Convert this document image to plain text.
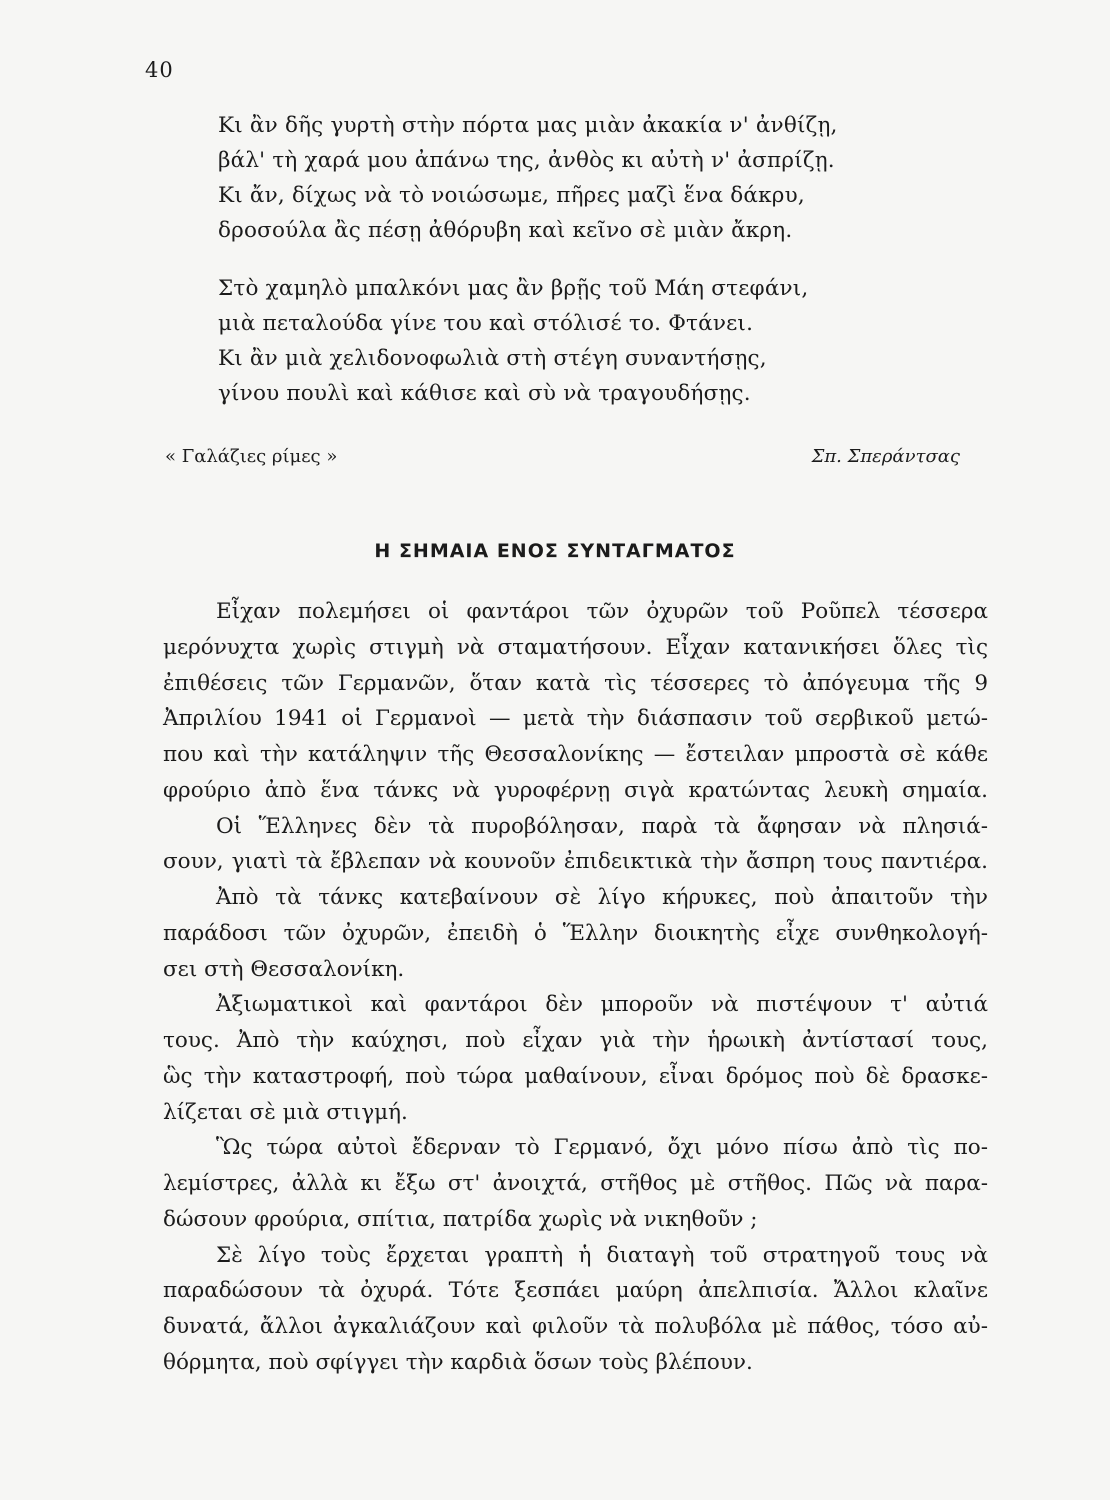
40
Κι ἂν δῆς γυρτὴ στὴν πόρτα μας μιὰν ἀκακία ν' ἀνθίζῃ,
βάλ' τὴ χαρά μου ἀπάνω της, ἀνθὸς κι αὐτὴ ν' ἀσπρίζῃ.
Κι ἄν, δίχως νὰ τὸ νοιώσωμε, πῆρες μαζὶ ἕνα δάκρυ,
δροσούλα ἂς πέσῃ ἀθόρυβη καὶ κεῖνο σὲ μιὰν ἄκρη.
Στὸ χαμηλὸ μπαλκόνι μας ἂν βρῇς τοῦ Μάη στεφάνι,
μιὰ πεταλούδα γίνε του καὶ στόλισέ το. Φτάνει.
Κι ἂν μιὰ χελιδονοφωλιὰ στὴ στέγη συναντήσῃς,
γίνου πουλὶ καὶ κάθισε καὶ σὺ νὰ τραγουδήσῃς.
« Γαλάζιες ρίμες »	Σπ. Σπεράντσας
Η ΣΗΜΑΙΑ ΕΝΟΣ ΣΥΝΤΑΓΜΑΤΟΣ
Εἶχαν πολεμήσει οἱ φαντάροι τῶν ὀχυρῶν τοῦ Ροῦπελ τέσσερα
μερόνυχτα χωρὶς στιγμὴ νὰ σταματήσουν. Εἶχαν κατανικήσει ὅλες τὶς
ἐπιθέσεις τῶν Γερμανῶν, ὅταν κατὰ τὶς τέσσερες τὸ ἀπόγευμα τῆς 9
Ἀπριλίου 1941 οἱ Γερμανοὶ — μετὰ τὴν διάσπασιν τοῦ σερβικοῦ μετώ-
που καὶ τὴν κατάληψιν τῆς Θεσσαλονίκης — ἔστειλαν μπροστὰ σὲ κάθε
φρούριο ἀπὸ ἕνα τάνκς νὰ γυροφέρνῃ σιγὰ κρατώντας λευκὴ σημαία.
Οἱ Ἕλληνες δὲν τὰ πυροβόλησαν, παρὰ τὰ ἄφησαν νὰ πλησιά-
σουν, γιατὶ τὰ ἔβλεπαν νὰ κουνοῦν ἐπιδεικτικὰ τὴν ἄσπρη τους παντιέρα.
Ἀπὸ τὰ τάνκς κατεβαίνουν σὲ λίγο κήρυκες, ποὺ ἀπαιτοῦν τὴν
παράδοσι τῶν ὀχυρῶν, ἐπειδὴ ὁ Ἕλλην διοικητὴς εἶχε συνθηκολογή-
σει στὴ Θεσσαλονίκη.
Ἀξιωματικοὶ καὶ φαντάροι δὲν μποροῦν νὰ πιστέψουν τ' αὐτιά
τους. Ἀπὸ τὴν καύχησι, ποὺ εἶχαν γιὰ τὴν ἡρωικὴ ἀντίστασί τους,
ὣς τὴν καταστροφή, ποὺ τώρα μαθαίνουν, εἶναι δρόμος ποὺ δὲ δρασκε-
λίζεται σὲ μιὰ στιγμή.
Ὣς τώρα αὐτοὶ ἔδερναν τὸ Γερμανό, ὄχι μόνο πίσω ἀπὸ τὶς πο-
λεμίστρες, ἀλλὰ κι ἔξω στ' ἀνοιχτά, στῆθος μὲ στῆθος. Πῶς νὰ παρα-
δώσουν φρούρια, σπίτια, πατρίδα χωρὶς νὰ νικηθοῦν ;
Σὲ λίγο τοὺς ἔρχεται γραπτὴ ἡ διαταγὴ τοῦ στρατηγοῦ τους νὰ
παραδώσουν τὰ ὀχυρά. Τότε ξεσπάει μαύρη ἀπελπισία. Ἄλλοι κλαῖνε
δυνατά, ἄλλοι ἀγκαλιάζουν καὶ φιλοῦν τὰ πολυβόλα μὲ πάθος, τόσο αὐ-
θόρμητα, ποὺ σφίγγει τὴν καρδιὰ ὅσων τοὺς βλέπουν.
